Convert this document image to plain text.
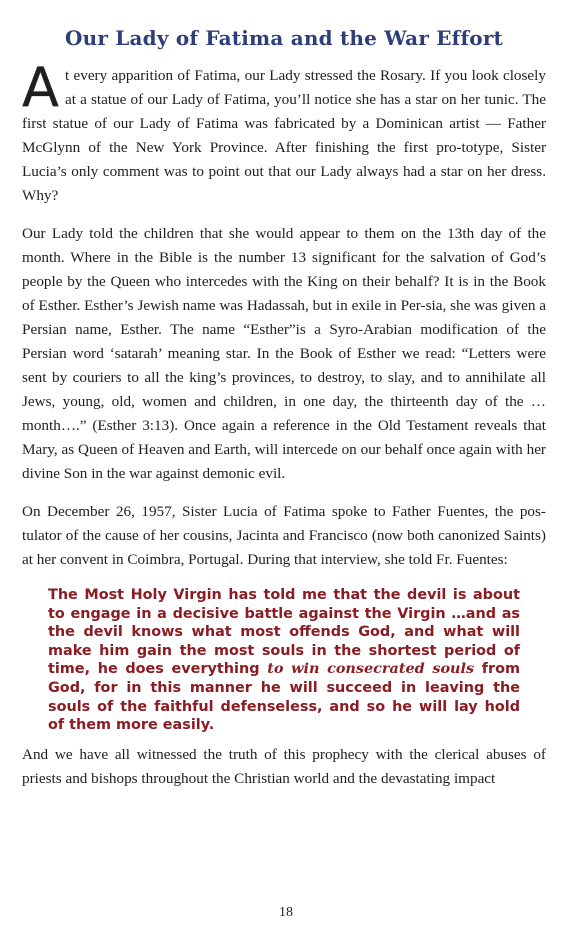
Our Lady of Fatima and the War Effort

At every apparition of Fatima, our Lady stressed the Rosary. If you look closely at a statue of our Lady of Fatima, you’ll notice she has a star on her tunic. The first statue of our Lady of Fatima was fabricated by a Dominican artist — Father McGlynn of the New York Province. After finishing the first pro-totype, Sister Lucia’s only comment was to point out that our Lady always had a star on her dress. Why?

Our Lady told the children that she would appear to them on the 13th day of the month. Where in the Bible is the number 13 significant for the salvation of God’s people by the Queen who intercedes with the King on their behalf? It is in the Book of Esther. Esther’s Jewish name was Hadassah, but in exile in Per-sia, she was given a Persian name, Esther. The name “Esther”is a Syro-Arabian modification of the Persian word ‘satarah’ meaning star. In the Book of Esther we read: “Letters were sent by couriers to all the king’s provinces, to destroy, to slay, and to annihilate all Jews, young, old, women and children, in one day, the thirteenth day of the … month….” (Esther 3:13). Once again a reference in the Old Testament reveals that Mary, as Queen of Heaven and Earth, will intercede on our behalf once again with her divine Son in the war against demonic evil.

On December 26, 1957, Sister Lucia of Fatima spoke to Father Fuentes, the pos-tulator of the cause of her cousins, Jacinta and Francisco (now both canonized Saints) at her convent in Coimbra, Portugal. During that interview, she told Fr. Fuentes:

The Most Holy Virgin has told me that the devil is about to engage in a decisive battle against the Virgin …and as the devil knows what most offends God, and what will make him gain the most souls in the shortest period of time, he does everything to win consecrated souls from God, for in this manner he will succeed in leaving the souls of the faithful defenseless, and so he will lay hold of them more easily.

And we have all witnessed the truth of this prophecy with the clerical abuses of priests and bishops throughout the Christian world and the devastating impact

18
